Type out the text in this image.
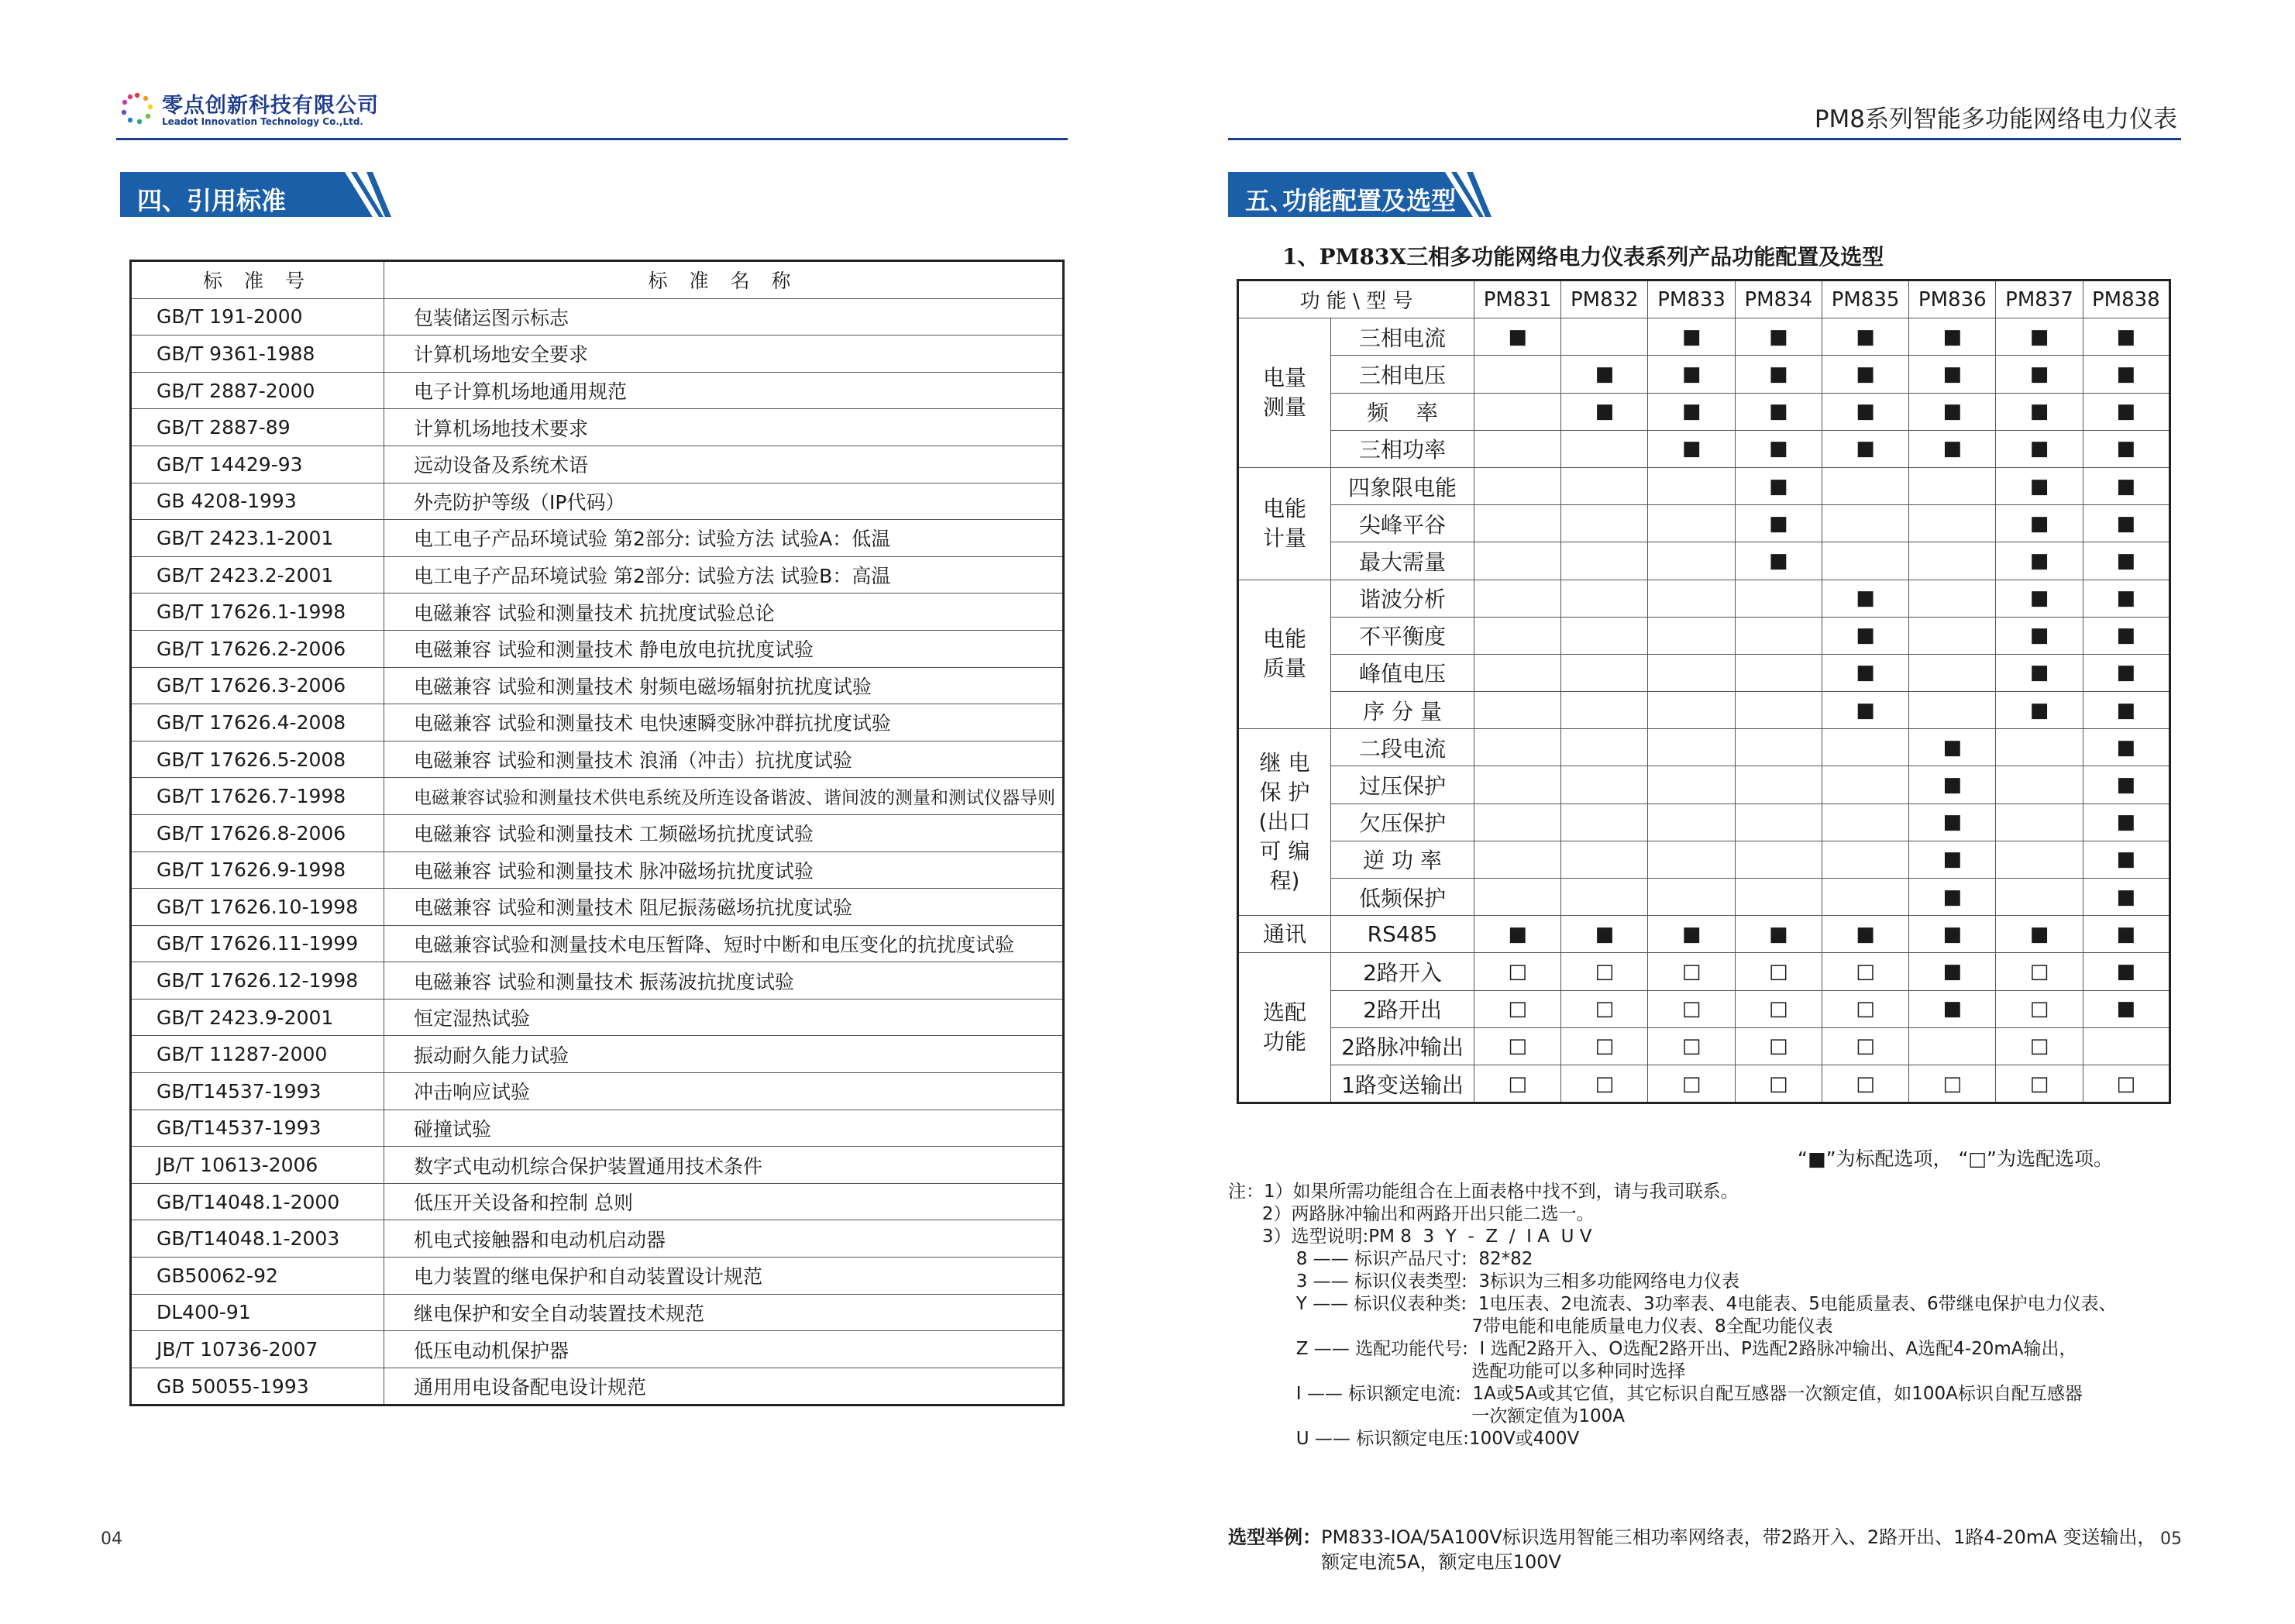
零点创新科技有限公司
Leadot Innovation Technology Co.,Ltd.	PM8系列智能多功能网络电力仪表
四、引用标准
标 准 号	标 准 名 称
GB/T 191-2000	包装储运图示标志
GB/T 9361-1988	计算机场地安全要求
GB/T 2887-2000	电子计算机场地通用规范
GB/T 2887-89	计算机场地技术要求
GB/T 14429-93	远动设备及系统术语
GB 4208-1993	外壳防护等级（IP代码）
GB/T 2423.1-2001	电工电子产品环境试验 第2部分: 试验方法 试验A：低温
GB/T 2423.2-2001	电工电子产品环境试验 第2部分: 试验方法 试验B：高温
GB/T 17626.1-1998	电磁兼容 试验和测量技术 抗扰度试验总论
GB/T 17626.2-2006	电磁兼容 试验和测量技术 静电放电抗扰度试验
GB/T 17626.3-2006	电磁兼容 试验和测量技术 射频电磁场辐射抗扰度试验
GB/T 17626.4-2008	电磁兼容 试验和测量技术 电快速瞬变脉冲群抗扰度试验
GB/T 17626.5-2008	电磁兼容 试验和测量技术 浪涌（冲击）抗扰度试验
GB/T 17626.7-1998	电磁兼容试验和测量技术供电系统及所连设备谐波、谐间波的测量和测试仪器导则
GB/T 17626.8-2006	电磁兼容 试验和测量技术 工频磁场抗扰度试验
GB/T 17626.9-1998	电磁兼容 试验和测量技术 脉冲磁场抗扰度试验
GB/T 17626.10-1998	电磁兼容 试验和测量技术 阻尼振荡磁场抗扰度试验
GB/T 17626.11-1999	电磁兼容试验和测量技术电压暂降、短时中断和电压变化的抗扰度试验
GB/T 17626.12-1998	电磁兼容 试验和测量技术 振荡波抗扰度试验
GB/T 2423.9-2001	恒定湿热试验
GB/T 11287-2000	振动耐久能力试验
GB/T14537-1993	冲击响应试验
GB/T14537-1993	碰撞试验
JB/T 10613-2006	数字式电动机综合保护装置通用技术条件
GB/T14048.1-2000	低压开关设备和控制 总则
GB/T14048.1-2003	机电式接触器和电动机启动器
GB50062-92	电力装置的继电保护和自动装置设计规范
DL400-91	继电保护和安全自动装置技术规范
JB/T 10736-2007	低压电动机保护器
GB 50055-1993	通用用电设备配电设计规范
04
五､功能配置及选型
1、PM83X三相多功能网络电力仪表系列产品功能配置及选型
功 能 \ 型 号		PM831	PM832	PM833	PM834	PM835	PM836	PM837	PM838
电量
测量	三相电流	■		■	■	■	■	■	■
	三相电压		■	■	■	■	■	■	■
	频    率		■	■	■	■	■	■	■
	三相功率			■	■	■	■	■	■
电能
计量	四象限电能				■			■	■
	尖峰平谷				■			■	■
	最大需量				■			■	■
电能
质量	谐波分析					■		■	■
	不平衡度					■		■	■
	峰值电压					■		■	■
	序 分 量					■		■	■
继 电
保 护
(出口
可 编
程)	二段电流						■		■
	过压保护						■		■
	欠压保护						■		■
	逆 功 率						■		■
	低频保护						■		■
通讯	RS485	■	■	■	■	■	■	■	■
选配
功能	2路开入	□	□	□	□	□	■	□	■
	2路开出	□	□	□	□	□	■	□	■
	2路脉冲输出	□	□	□	□	□		□	
	1路变送输出	□	□	□	□	□	□	□	□
“■”为标配选项， “□”为选配选项。
注：1）如果所需功能组合在上面表格中找不到，请与我司联系。
2）两路脉冲输出和两路开出只能二选一。
3）选型说明:PM 8  3  Y  -  Z  /  I A  U V
8 —— 标识产品尺寸:  82*82
3 —— 标识仪表类型:  3标识为三相多功能网络电力仪表
Y —— 标识仪表种类:  1电压表、2电流表、3功率表、4电能表、5电能质量表、6带继电保护电力仪表、
7带电能和电能质量电力仪表、8全配功能仪表
Z —— 选配功能代号:  I 选配2路开入、O选配2路开出、P选配2路脉冲输出、A选配4-20mA输出，
选配功能可以多种同时选择
I —— 标识额定电流:  1A或5A或其它值，其它标识自配互感器一次额定值，如100A标识自配互感器
一次额定值为100A
U —— 标识额定电压:100V或400V

选型举例： PM833-IOA/5A100V标识选用智能三相功率网络表，带2路开入、2路开出、1路4-20mA 变送输出，
额定电流5A，额定电压100V

05
